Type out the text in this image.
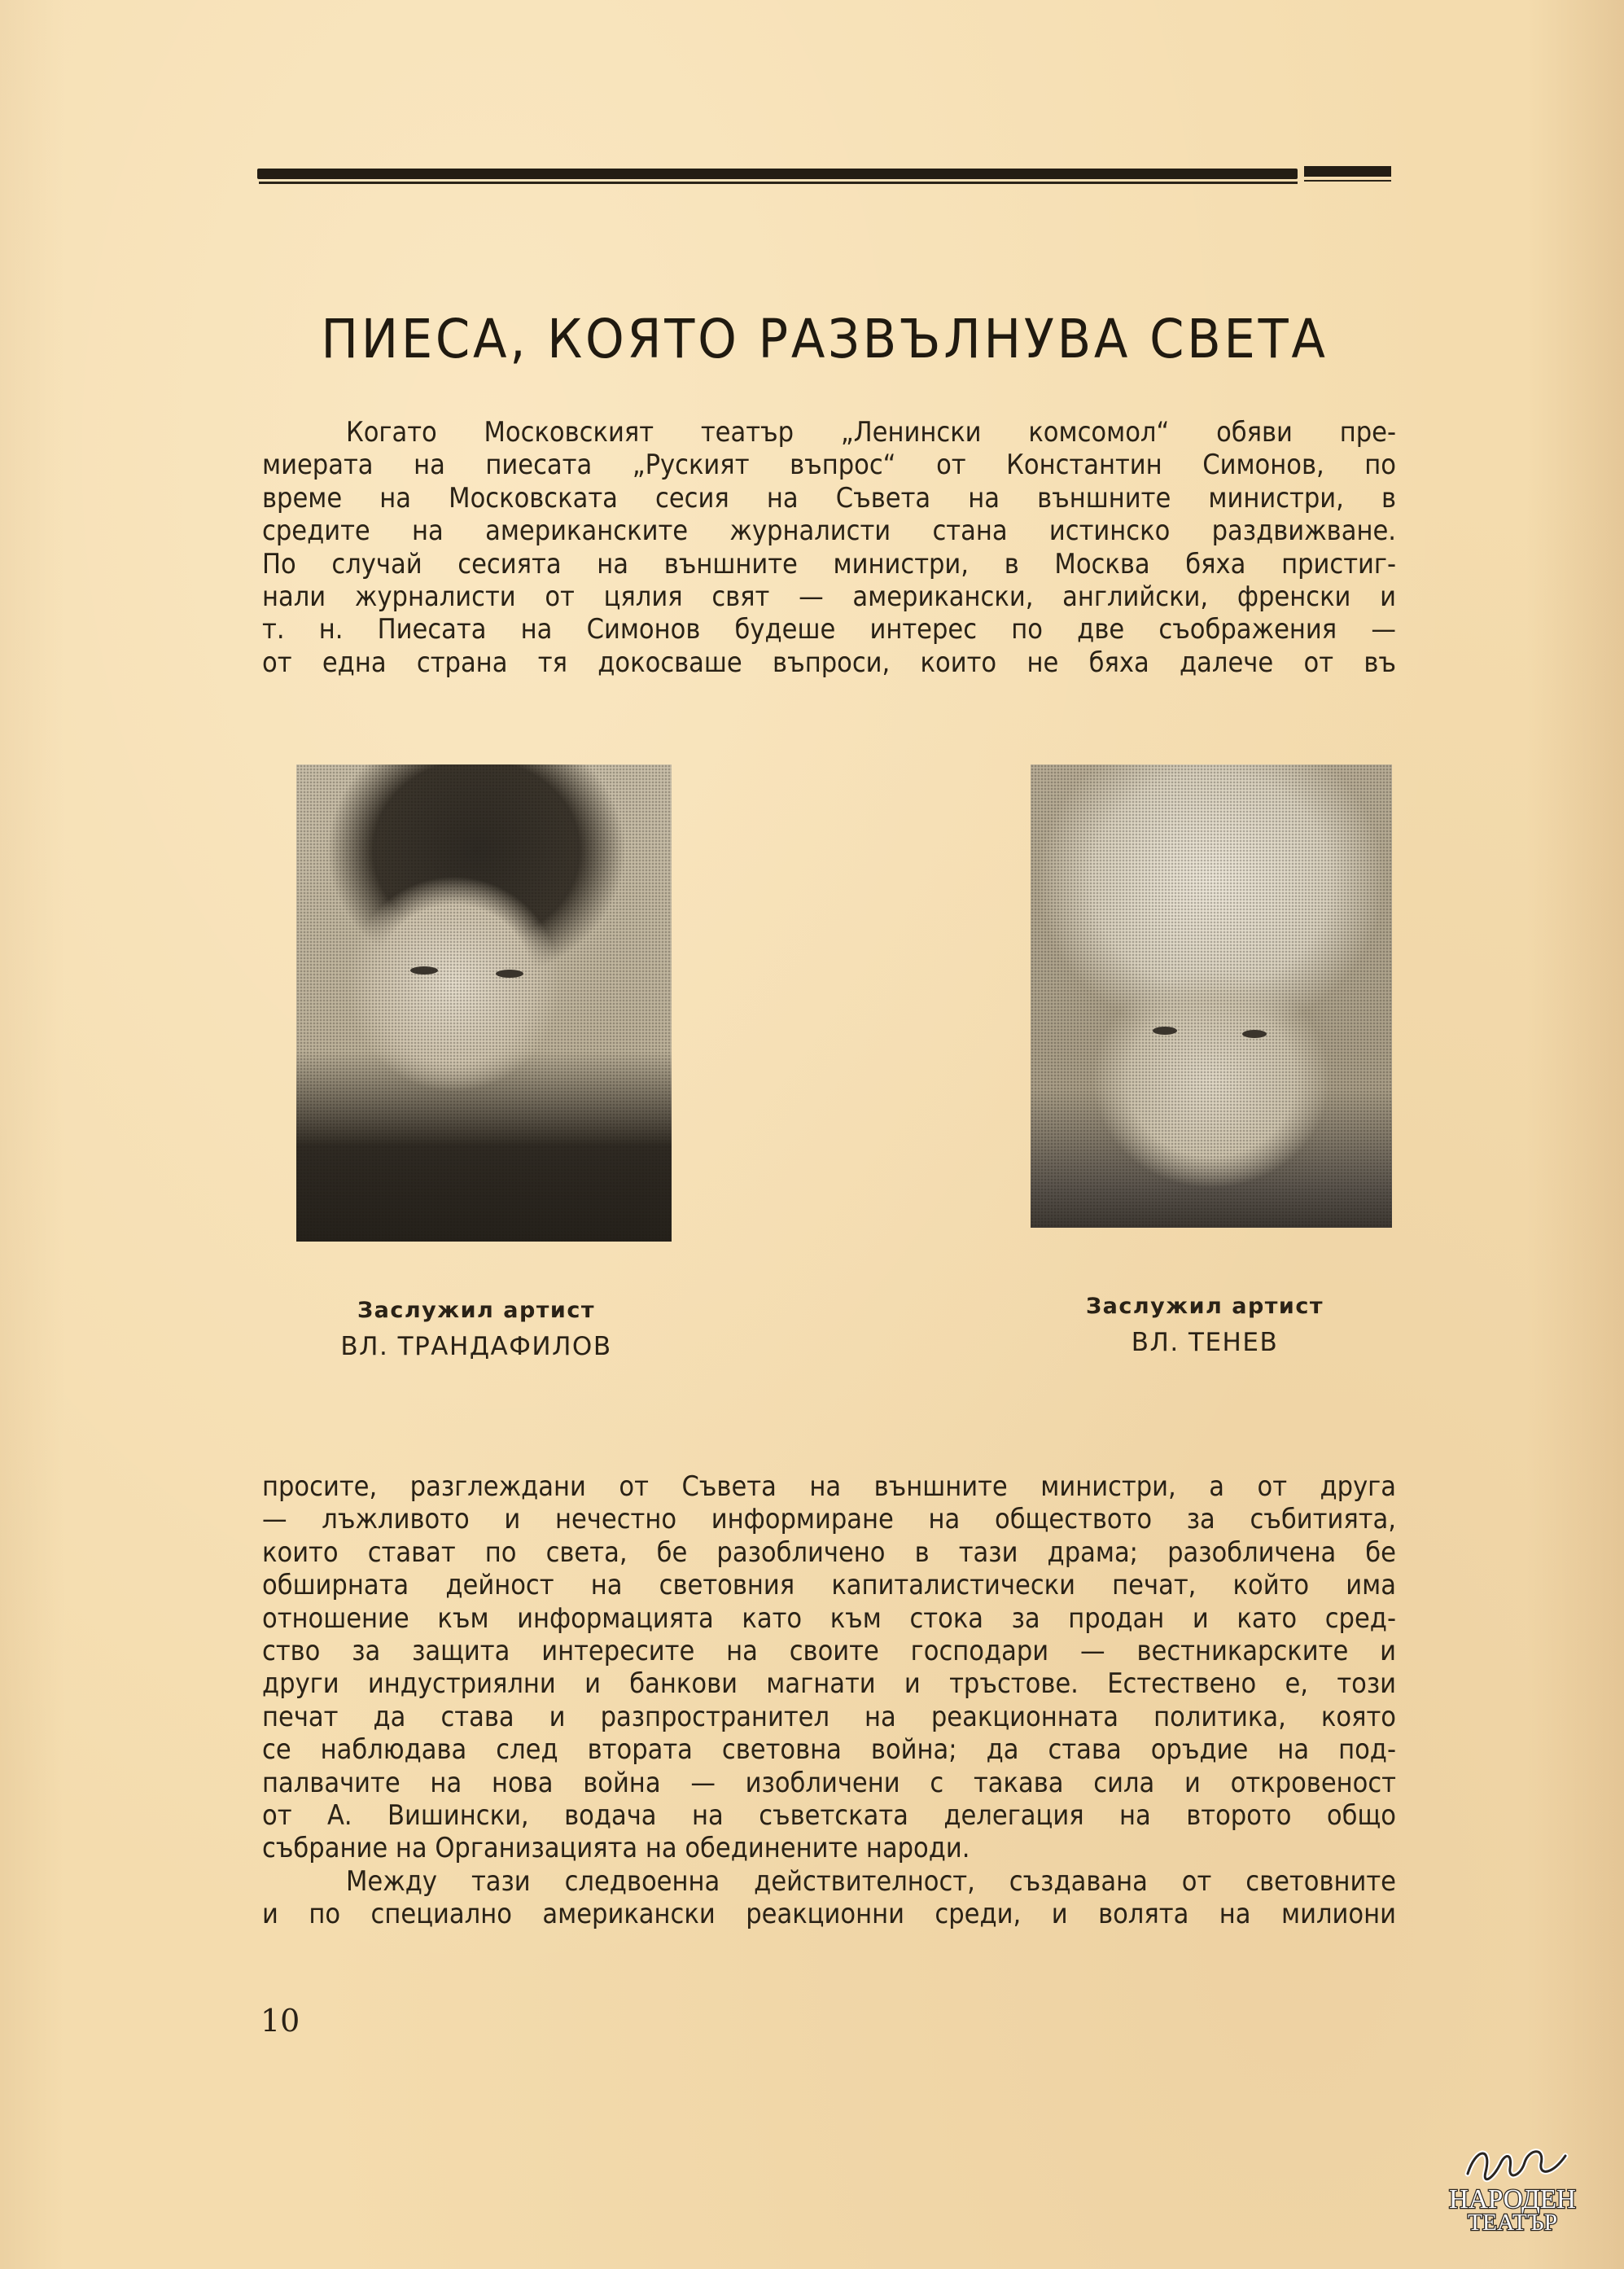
ПИЕСА, КОЯТО РАЗВЪЛНУВА СВЕТА
Когато Московският театър „Ленински комсомол“ обяви пре-
миерата на пиесата „Руският въпрос“ от Константин Симонов, по
време на Московската сесия на Съвета на външните министри, в
средите на американските журналисти стана истинско раздвижване.
По случай сесията на външните министри, в Москва бяха пристиг-
нали журналисти от цялия свят — американски, английски, френски и
т. н. Пиесата на Симонов будеше интерес по две съображения —
от една страна тя докосваше въпроси, които не бяха далече от въ
Заслужил артист
ВЛ. ТРАНДАФИЛОВ
Заслужил артист
ВЛ. ТЕНЕВ
просите, разглеждани от Съвета на външните министри, а от друга
— лъжливото и нечестно информиране на обществото за събитията,
които стават по света, бе разобличено в тази драма; разобличена бе
обширната дейност на световния капиталистически печат, който има
отношение към информацията като към стока за продан и като сред-
ство за защита интересите на своите господари — вестникарските и
други индустриялни и банкови магнати и тръстове. Естествено е, този
печат да става и разпространител на реакционната политика, която
се наблюдава след втората световна война; да става оръдие на под-
палвачите на нова война — изобличени с такава сила и откровеност
от А. Вишински, водача на съветската делегация на второто общо
събрание на Организацията на обединените народи.
Между тази следвоенна действителност, създавана от световните
и по специално американски реакционни среди, и волята на милиони
10
НАРОДЕН
ТЕАТЪР
